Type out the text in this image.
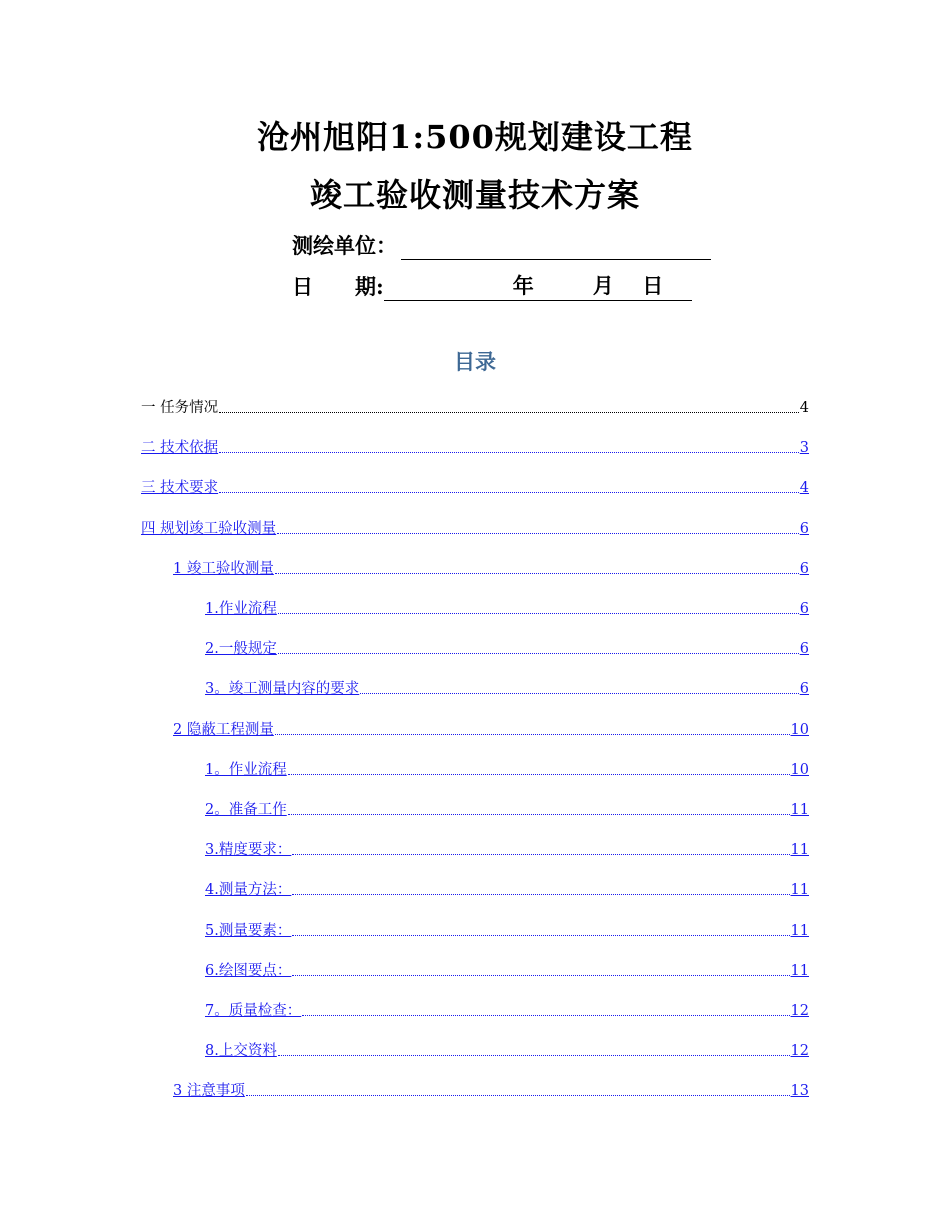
沧州旭阳1:500规划建设工程
竣工验收测量技术方案
测绘单位：
日　　期:	年	月	日
目录
一 任务情况	4
二 技术依据	3
三 技术要求	4
四 规划竣工验收测量	6
1 竣工验收测量	6
1.作业流程	6
2.一般规定	6
3。竣工测量内容的要求	6
2 隐蔽工程测量	10
1。作业流程	10
2。准备工作	11
3.精度要求：	11
4.测量方法：	11
5.测量要素：	11
6.绘图要点：	11
7。质量检查：	12
8.上交资料	12
3 注意事项	13
